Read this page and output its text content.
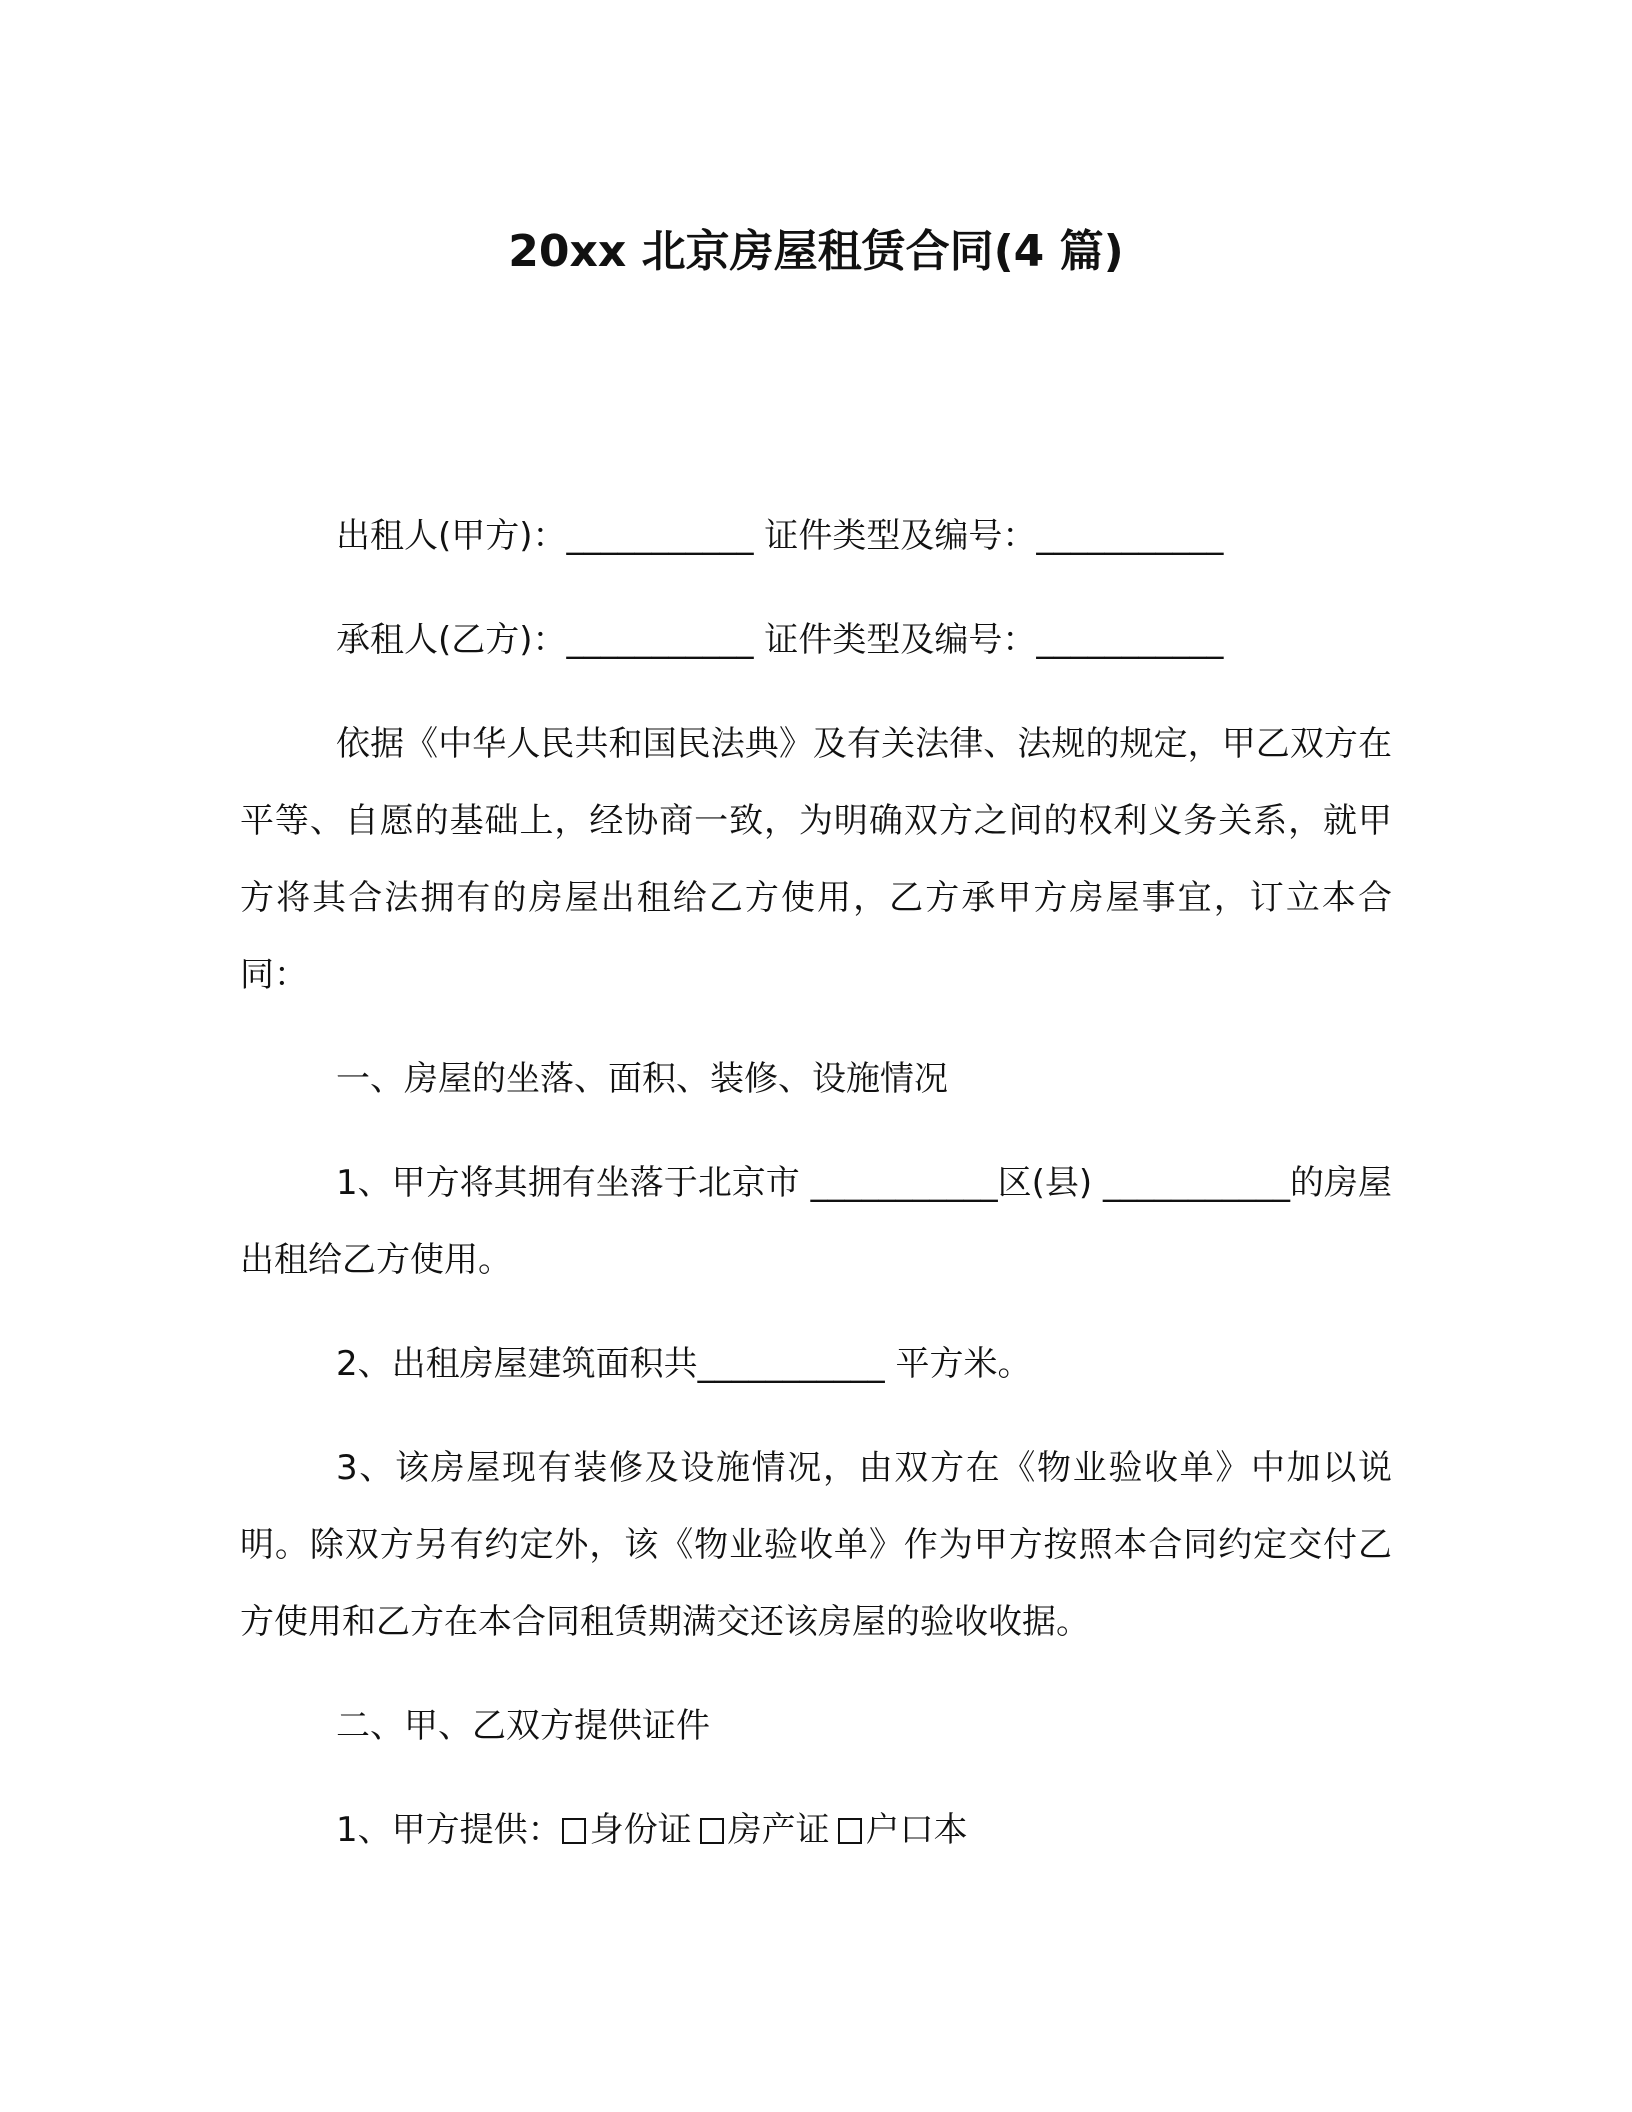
20xx 北京房屋租赁合同(4 篇)

出租人(甲方)：___________ 证件类型及编号：___________

承租人(乙方)：___________ 证件类型及编号：___________

依据《中华人民共和国民法典》及有关法律、法规的规定，甲乙双方在平等、自愿的基础上，经协商一致，为明确双方之间的权利义务关系，就甲方将其合法拥有的房屋出租给乙方使用，乙方承甲方房屋事宜，订立本合同：

一、房屋的坐落、面积、装修、设施情况

1、甲方将其拥有坐落于北京市 ___________区(县) ___________的房屋出租给乙方使用。

2、出租房屋建筑面积共___________ 平方米。

3、该房屋现有装修及设施情况，由双方在《物业验收单》中加以说明。除双方另有约定外，该《物业验收单》作为甲方按照本合同约定交付乙方使用和乙方在本合同租赁期满交还该房屋的验收收据。

二、甲、乙双方提供证件

1、甲方提供： 身份证 房产证 户口本
